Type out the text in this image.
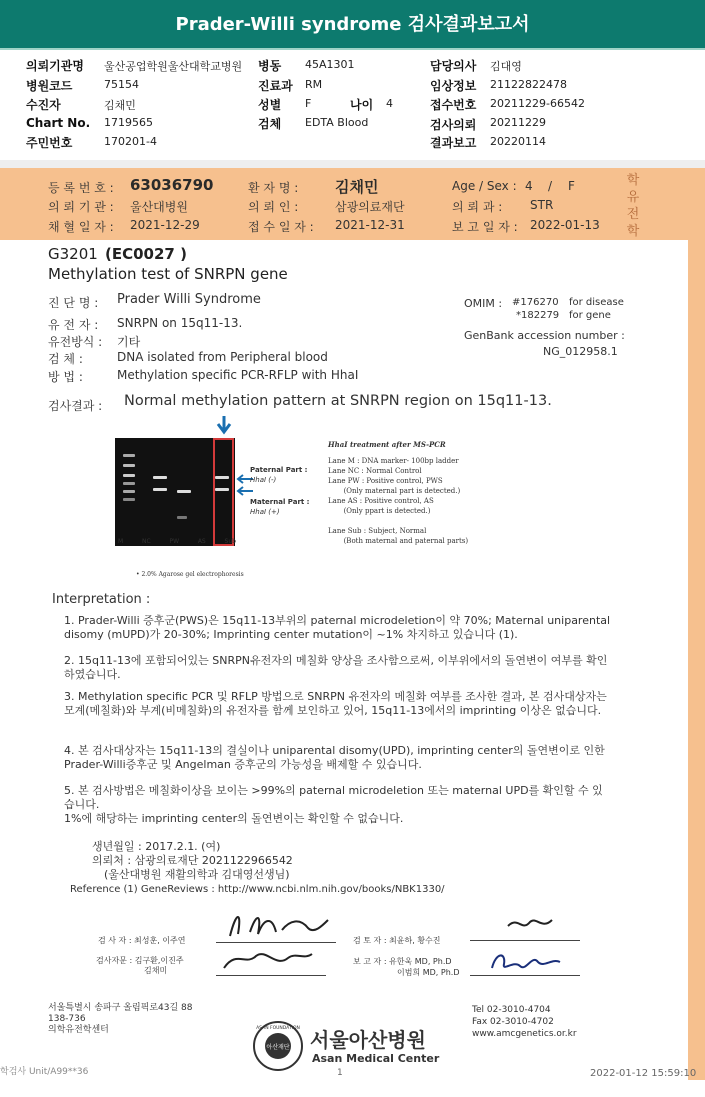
Prader-Willi syndrome 검사결과보고서
의뢰기관명 울산공업학원울산대학교병원 병동 45A1301	담당의사 김대영
병원코드	75154	진료과 RM	임상정보 21122822478
수진자	김채민	성별 F	나이 4	접수번호 20211229-66542
Chart No. 1719565	검체 EDTA Blood	검사의뢰 20211229
주민번호	170201-4	결과보고 20220114
등 록 번 호 : 63036790	환 자 명 : 김채민	Age / Sex : 4 / F
의 뢰 기 관 : 울산대병원	의 뢰 인 :	삼광의료재단	의 뢰 과 : STR
채 혈 일 자 : 2021-12-29	접 수 일 자 : 2021-12-31	보 고 일 자 : 2022-01-13
학유전학
G3201 (EC0027 )
Methylation test of SNRPN gene
진 단 명 : Prader Willi Syndrome
유 전 자 : SNRPN on 15q11-13.
유전방식 : 기타
검 체 :	DNA isolated from Peripheral blood
방 법 :	Methylation specific PCR-RFLP with HhaI
OMIM : #176270 for disease
*182279 for gene
GenBank accession number :
NG_012958.1
검사결과 : Normal methylation pattern at SNRPN region on 15q11-13.
M	NC	PW	AS	Sub
Paternal Part :
HhaI (-)
Maternal Part :
HhaI (+)
HhaI treatment after MS-PCR
Lane M : DNA marker- 100bp ladder
Lane NC : Normal Control
Lane PW : Positive control, PWS
(Only maternal part is detected.)
Lane AS : Positive control, AS
(Only ppart is detected.)
Lane Sub : Subject, Normal
(Both maternal and paternal parts)
• 2.0% Agarose gel electrophoresis
Interpretation :
1. Prader-Willi 증후군(PWS)은 15q11-13부위의 paternal microdeletion이 약 70%; Maternal uniparental disomy (mUPD)가 20-30%; Imprinting center mutation이 ~1% 차지하고 있습니다 (1).
2. 15q11-13에 포함되어있는 SNRPN유전자의 메칠화 양상을 조사함으로써, 이부위에서의 돌연변이 여부를 확인하였습니다.
3. Methylation specific PCR 및 RFLP 방법으로 SNRPN 유전자의 메칠화 여부를 조사한 결과, 본 검사대상자는 모계(메칠화)와 부계(비메칠화)의 유전자를 함께 보인하고 있어, 15q11-13에서의 imprinting 이상은 없습니다.
4. 본 검사대상자는 15q11-13의 결실이나 uniparental disomy(UPD), imprinting center의 돌연변이로 인한 Prader-Willi증후군 및 Angelman 증후군의 가능성을 배제할 수 있습니다.
5. 본 검사방법은 메칠화이상을 보이는 >99%의 paternal microdeletion 또는 maternal UPD를 확인할 수 있습니다.
1%에 해당하는 imprinting center의 돌연변이는 확인할 수 없습니다.
생년월일 : 2017.2.1. (여)
의뢰처 : 삼광의료재단 2021122966542
(울산대병원 재활의학과 김대영선생님)
Reference (1) GeneReviews : http://www.ncbi.nlm.nih.gov/books/NBK1330/
검 사 자 : 최성훈, 이주연	검 토 자 : 최윤하, 황수진
검사자문 : 김구환,이진주
김채미
보 고 자 : 유한욱 MD, Ph.D
이범희 MD, Ph.D
서울특별시 송파구 올림픽로43길 88
138-736
의학유전학센터
Tel 02-3010-4704
Fax 02-3010-4702
www.amcgenetics.or.kr
아산재단
ASAN FOUNDATION 서울아산병원
Asan Medical Center
학검사 Unit/A99**36	1	2022-01-12 15:59:10
